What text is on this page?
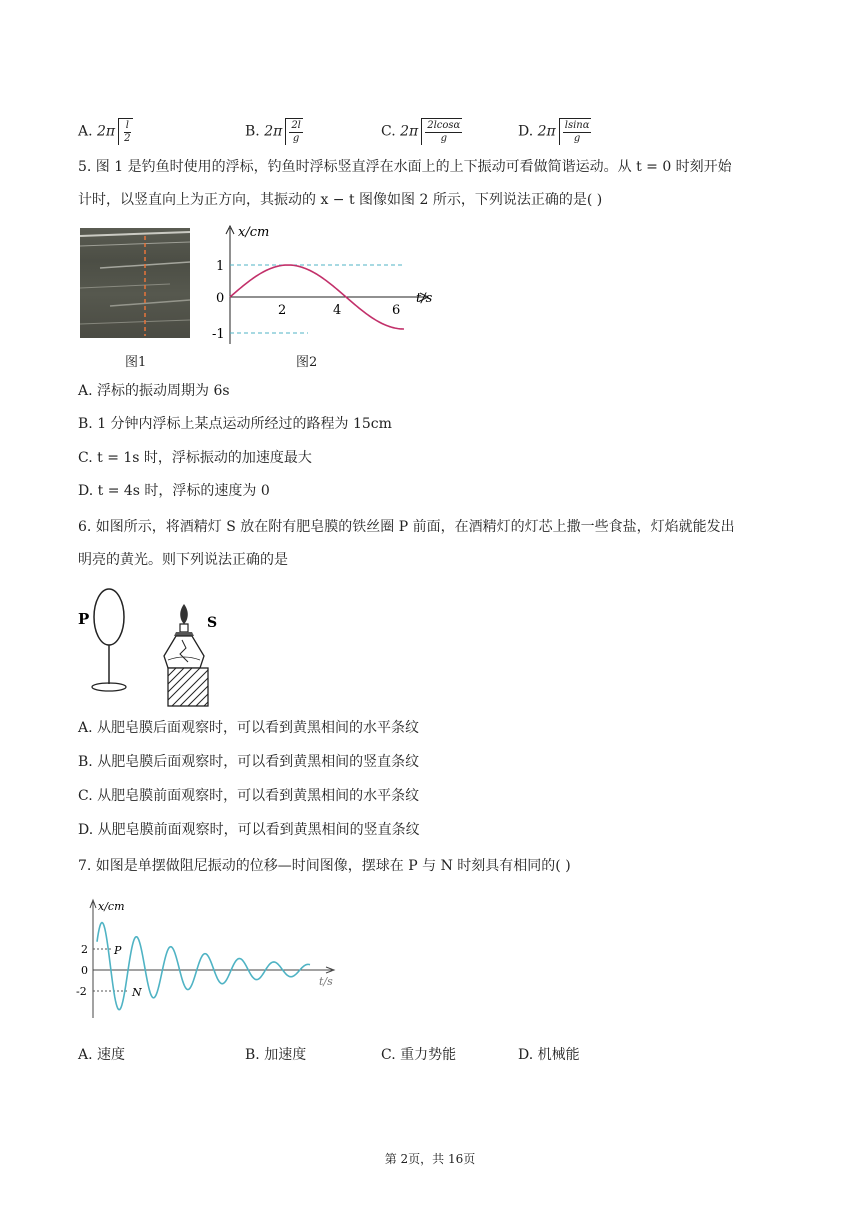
A. $2\pi \frac{l}{2}$	B. $2\pi \frac{2l}{g}$	C. $2\pi \frac{2lcos\alpha}{g}$	D. $2\pi \frac{lsin\alpha}{g}$
5. 图 1 是钓鱼时使用的浮标，钓鱼时浮标竖直浮在水面上的上下振动可看做简谐运动。从 t = 0 时刻开始
计时，以竖直向上为正方向，其振动的 x − t 图像如图 2 所示，下列说法正确的是( )
图1
x/cm
t/s
1
0
-1
2	4	6
图2
A. 浮标的振动周期为 6s
B. 1 分钟内浮标上某点运动所经过的路程为 15cm
C. t = 1s 时，浮标振动的加速度最大
D. t = 4s 时，浮标的速度为 0
6. 如图所示，将酒精灯 S 放在附有肥皂膜的铁丝圈 P 前面，在酒精灯的灯芯上撒一些食盐，灯焰就能发出
明亮的黄光。则下列说法正确的是
P	S
A. 从肥皂膜后面观察时，可以看到黄黑相间的水平条纹
B. 从肥皂膜后面观察时，可以看到黄黑相间的竖直条纹
C. 从肥皂膜前面观察时，可以看到黄黑相间的水平条纹
D. 从肥皂膜前面观察时，可以看到黄黑相间的竖直条纹
7. 如图是单摆做阻尼振动的位移—时间图像，摆球在 P 与 N 时刻具有相同的( )
x/cm
t/s
2
0
-2
P
N
A. 速度	B. 加速度	C. 重力势能	D. 机械能
第 2页，共 16页
